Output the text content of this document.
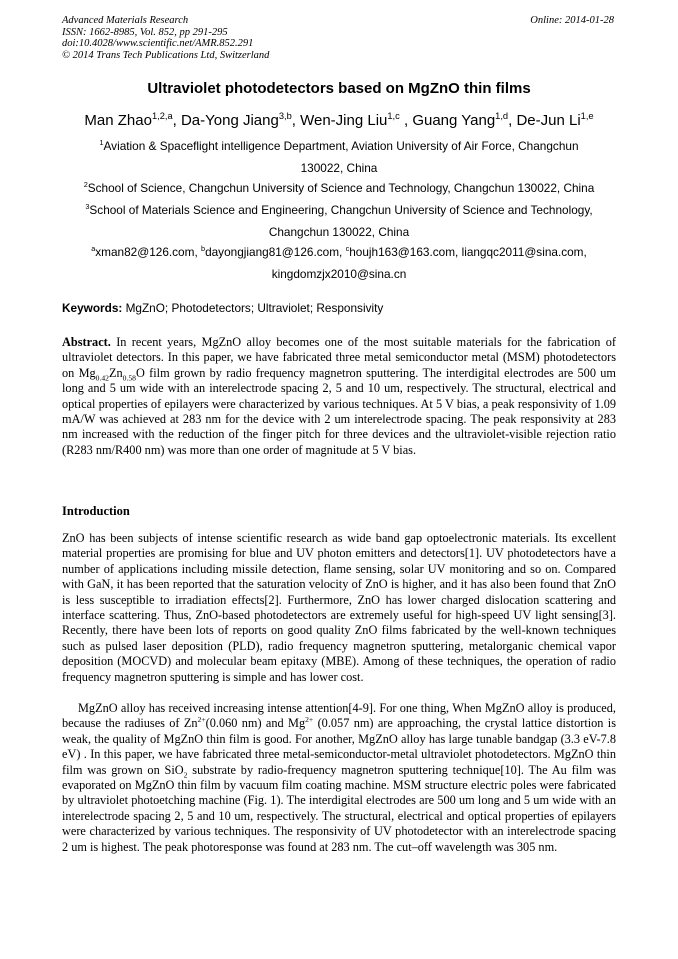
Advanced Materials Research
ISSN: 1662-8985, Vol. 852, pp 291-295
doi:10.4028/www.scientific.net/AMR.852.291
© 2014 Trans Tech Publications Ltd, Switzerland
Online: 2014-01-28
Ultraviolet photodetectors based on MgZnO thin films
Man Zhao$^{1,2,a}$, Da-Yong Jiang$^{3,b}$, Wen-Jing Liu$^{1,c}$ , Guang Yang$^{1,d}$, De-Jun Li$^{1,e}$
$^1$Aviation & Spaceflight intelligence Department, Aviation University of Air Force, Changchun
130022, China
$^2$School of Science, Changchun University of Science and Technology, Changchun 130022, China
$^3$School of Materials Science and Engineering, Changchun University of Science and Technology,
Changchun 130022, China
$^a$xman82@126.com, $^b$dayongjiang81@126.com, $^c$houjh163@163.com, liangqc2011@sina.com,
kingdomzjx2010@sina.cn
Keywords: MgZnO; Photodetectors; Ultraviolet; Responsivity
Abstract. In recent years, MgZnO alloy becomes one of the most suitable materials for the fabrication of ultraviolet detectors. In this paper, we have fabricated three metal semiconductor metal (MSM) photodetectors on $Mg_{0.42}Zn_{0.58}O$ film grown by radio frequency magnetron sputtering. The interdigital electrodes are 500 um long and 5 um wide with an interelectrode spacing 2, 5 and 10 um, respectively. The structural, electrical and optical properties of epilayers were characterized by various techniques. At 5 V bias, a peak responsivity of 1.09 mA/W was achieved at 283 nm for the device with 2 um interelectrode spacing. The peak responsivity at 283 nm increased with the reduction of the finger pitch for three devices and the ultraviolet-visible rejection ratio (R283 nm/R400 nm) was more than one order of magnitude at 5 V bias.
Introduction
ZnO has been subjects of intense scientific research as wide band gap optoelectronic materials. Its excellent material properties are promising for blue and UV photon emitters and detectors[1]. UV photodetectors have a number of applications including missile detection, flame sensing, solar UV monitoring and so on. Compared with GaN, it has been reported that the saturation velocity of ZnO is higher, and it has also been found that ZnO is less susceptible to irradiation effects[2]. Furthermore, ZnO has lower charged dislocation scattering and interface scattering. Thus, ZnO-based photodetectors are extremely useful for high-speed UV light sensing[3]. Recently, there have been lots of reports on good quality ZnO films fabricated by the well-known techniques such as pulsed laser deposition (PLD), radio frequency magnetron sputtering, metalorganic chemical vapor deposition (MOCVD) and molecular beam epitaxy (MBE). Among of these techniques, the operation of radio frequency magnetron sputtering is simple and has lower cost.
MgZnO alloy has received increasing intense attention[4-9]. For one thing, When MgZnO alloy is produced, because the radiuses of $Zn^{2+}(0.060$ nm) and $Mg^{2+}$ (0.057 nm) are approaching, the crystal lattice distortion is weak, the quality of MgZnO thin film is good. For another, MgZnO alloy has large tunable bandgap (3.3 eV-7.8 eV) . In this paper, we have fabricated three metal-semiconductor-metal ultraviolet photodetectors. MgZnO thin film was grown on SiO$_2$ substrate by radio-frequency magnetron sputtering technique[10]. The Au film was evaporated on MgZnO thin film by vacuum film coating machine. MSM structure electric poles were fabricated by ultraviolet photoetching machine (Fig. 1). The interdigital electrodes are 500 um long and 5 um wide with an interelectrode spacing 2, 5 and 10 um, respectively. The structural, electrical and optical properties of epilayers were characterized by various techniques. The responsivity of UV photodetector with an interelectrode spacing 2 um is highest. The peak photoresponse was found at 283 nm. The cut–off wavelength was 305 nm.
